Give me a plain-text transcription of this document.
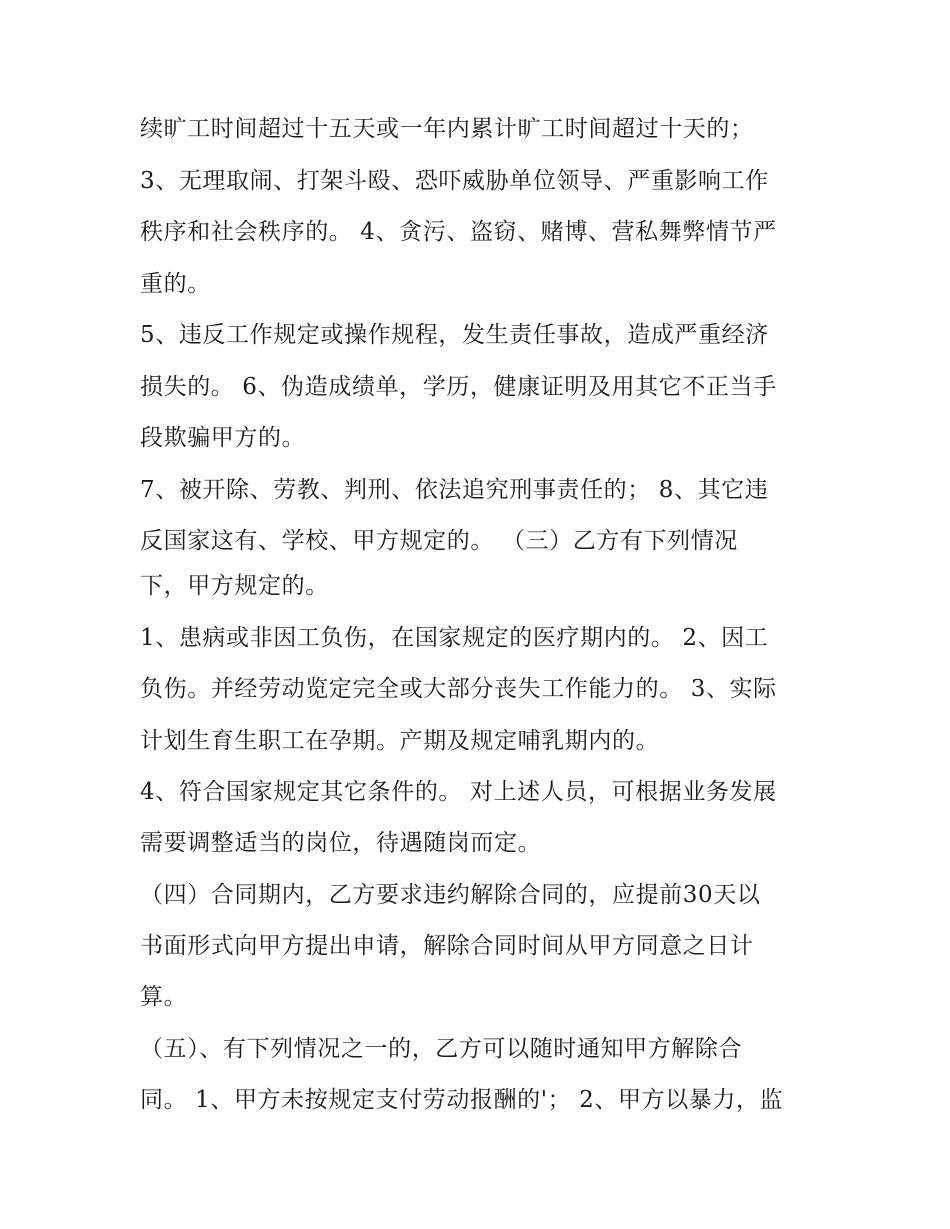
续旷工时间超过十五天或一年内累计旷工时间超过十天的；
3、无理取闹、打架斗殴、恐吓威胁单位领导、严重影响工作
秩序和社会秩序的。 4、贪污、盗窃、赌博、营私舞弊情节严
重的。
5、违反工作规定或操作规程，发生责任事故，造成严重经济
损失的。 6、伪造成绩单，学历，健康证明及用其它不正当手
段欺骗甲方的。
7、被开除、劳教、判刑、依法追究刑事责任的； 8、其它违
反国家这有、学校、甲方规定的。 （三）乙方有下列情况
下，甲方规定的。
1、患病或非因工负伤，在国家规定的医疗期内的。 2、因工
负伤。并经劳动览定完全或大部分丧失工作能力的。 3、实际
计划生育生职工在孕期。产期及规定哺乳期内的。
4、符合国家规定其它条件的。 对上述人员，可根据业务发展
需要调整适当的岗位，待遇随岗而定。
（四）合同期内，乙方要求违约解除合同的，应提前30天以
书面形式向甲方提出申请，解除合同时间从甲方同意之日计
算。
（五）、有下列情况之一的，乙方可以随时通知甲方解除合
同。 1、甲方未按规定支付劳动报酬的'； 2、甲方以暴力，监
